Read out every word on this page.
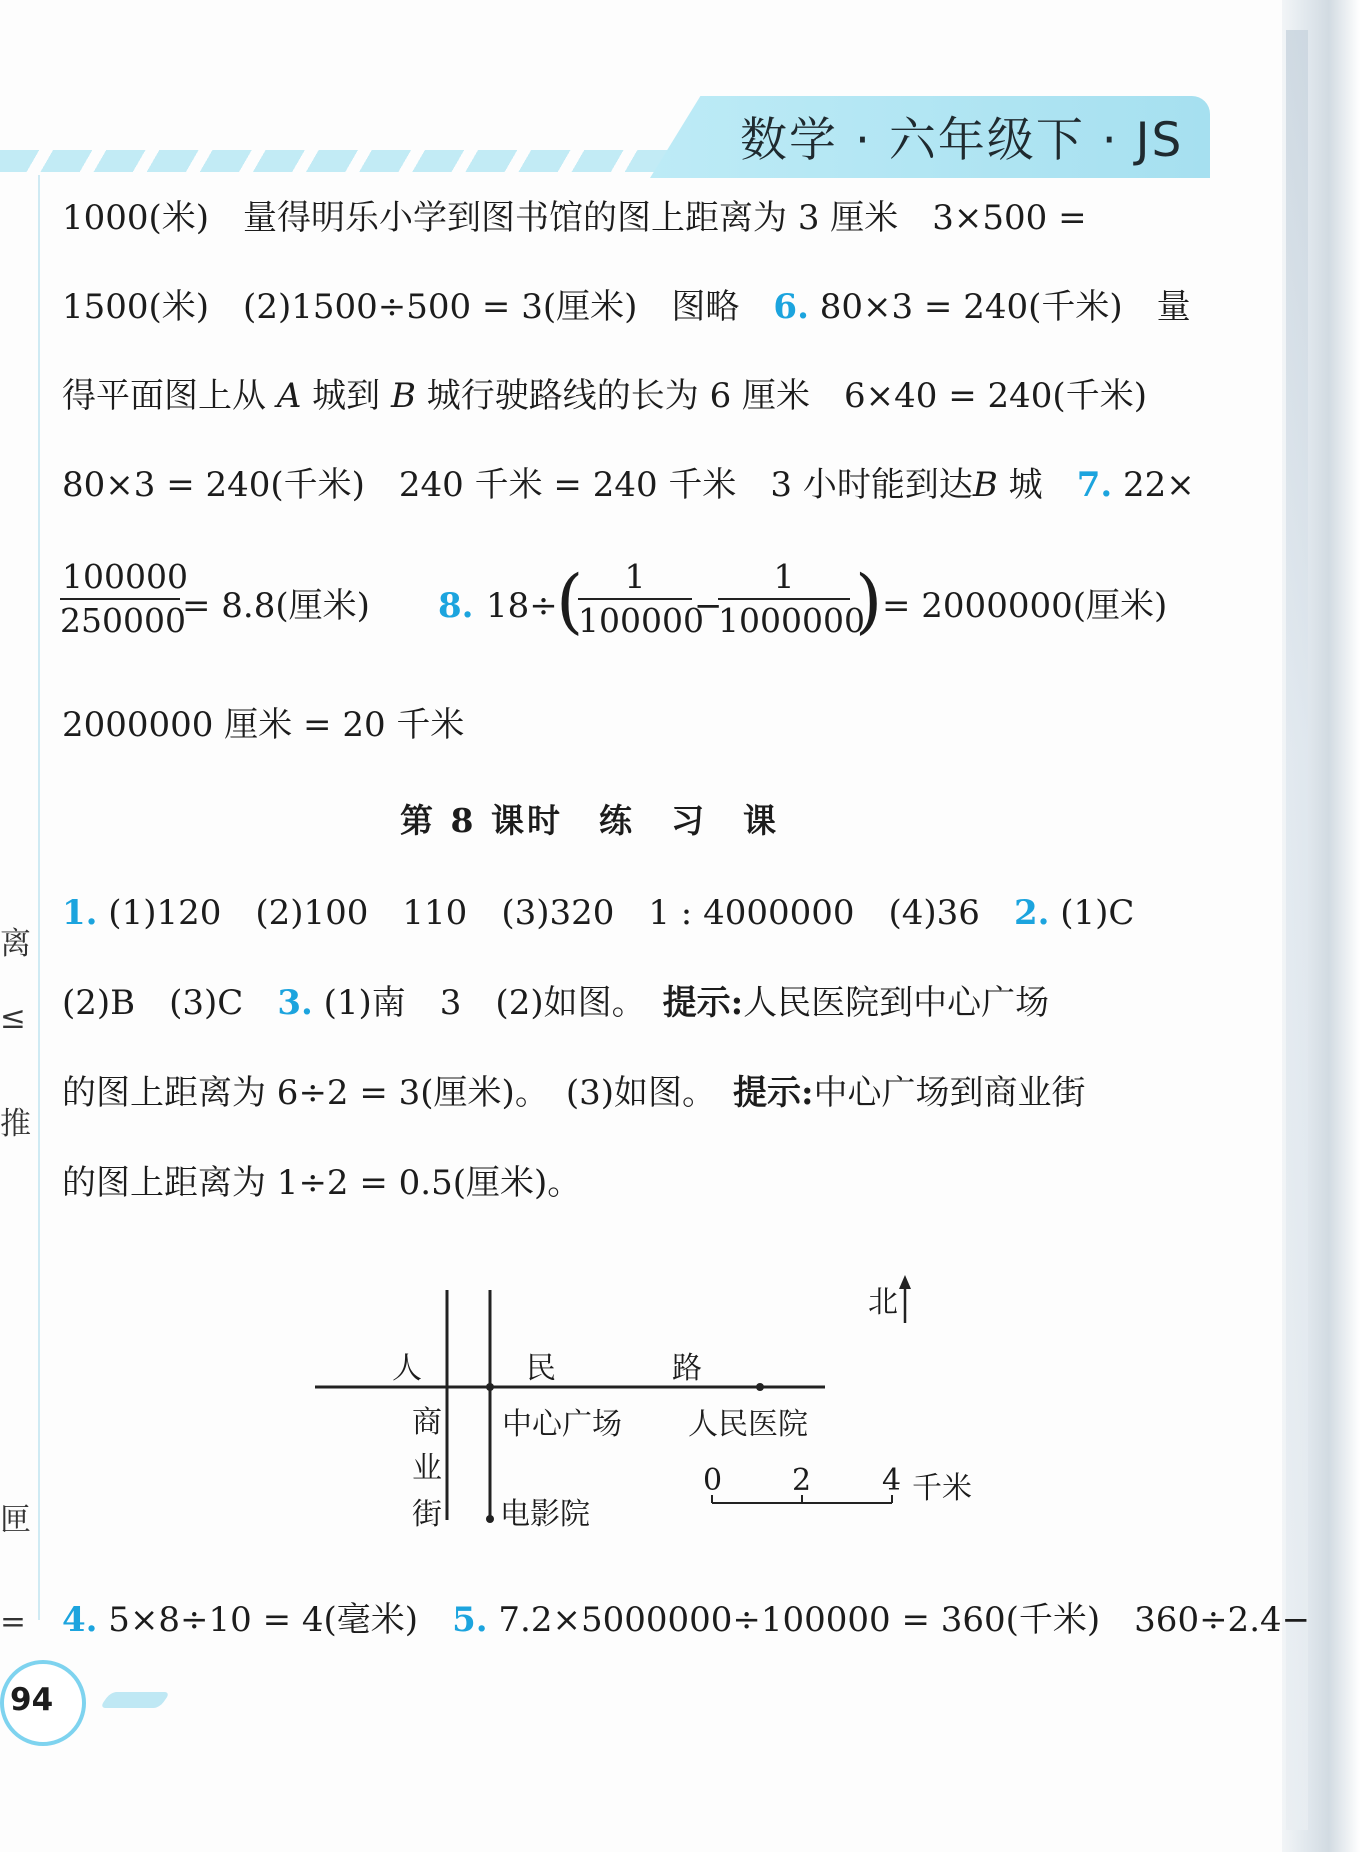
数学 · 六年级下 · JS
离
≤
推
匣
=
1000(米)　量得明乐小学到图书馆的图上距离为 3 厘米　3×500 =
1500(米)　(2)1500÷500 = 3(厘米)　图略　6. 80×3 = 240(千米)　量
得平面图上从 A 城到 B 城行驶路线的长为 6 厘米　6×40 = 240(千米)
80×3 = 240(千米)　240 千米 = 240 千米　3 小时能到达B 城　7. 22×
$\frac{100000}{250000} = 8.8$(厘米) 8. 18÷
(
$\frac{1}{100000}$ −
$\frac{1}{1000000}$ ) = 2000000(厘米)
2000000 厘米 = 20 千米
第 8 课时　练　习　课
1. (1)120　(2)100　110　(3)320　1 : 4000000　(4)36　2. (1)C
(2)B　(3)C　3. (1)南　3　(2)如图。　提示:人民医院到中心广场
的图上距离为 6÷2 = 3(厘米)。　(3)如图。　提示:中心广场到商业街
的图上距离为 1÷2 = 0.5(厘米)。
北
人	民	路
商
业
街
中心广场 人民医院
电影院
0 2 4 千米
4. 5×8÷10 = 4(毫米)　5. 7.2×5000000÷100000 = 360(千米)　360÷2.4−
94
